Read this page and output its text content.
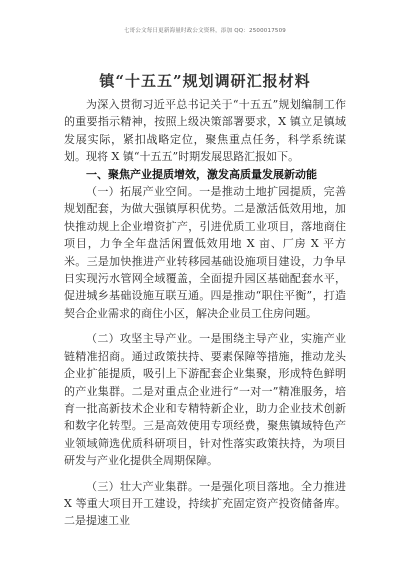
七哥公文每日更新海量时政公文资料，添加 QQ：2500017509
镇“十五五”规划调研汇报材料

为深入贯彻习近平总书记关于“十五五”规划编制工作的重要指示精神，按照上级决策部署要求，X 镇立足镇域发展实际，紧扣战略定位，聚焦重点任务，科学系统谋划。现将 X 镇“十五五”时期发展思路汇报如下。

一、聚焦产业提质增效，激发高质量发展新动能

（一）拓展产业空间。一是推动土地扩园提质，完善规划配套，为做大强镇厚积优势。二是激活低效用地，加快推动规上企业增资扩产，引进优质工业项目，落地商住项目，力争全年盘活闲置低效用地 X 亩、厂房 X 平方米。三是加快推进产业转移园基础设施项目建设，力争早日实现污水管网全域覆盖，全面提升园区基础配套水平，促进城乡基础设施互联互通。四是推动“职住平衡”，打造契合企业需求的商住小区，解决企业员工住房问题。

（二）攻坚主导产业。一是围绕主导产业，实施产业链精准招商。通过政策扶持、要素保障等措施，推动龙头企业扩能提质，吸引上下游配套企业集聚，形成特色鲜明的产业集群。二是对重点企业进行“一对一”精准服务，培育一批高新技术企业和专精特新企业，助力企业技术创新和数字化转型。三是高效使用专项经费，聚焦镇域特色产业领域筛选优质科研项目，针对性落实政策扶持，为项目研发与产业化提供全周期保障。

（三）壮大产业集群。一是强化项目落地。全力推进 X 等重大项目开工建设，持续扩充固定资产投资储备库。二是提速工业
